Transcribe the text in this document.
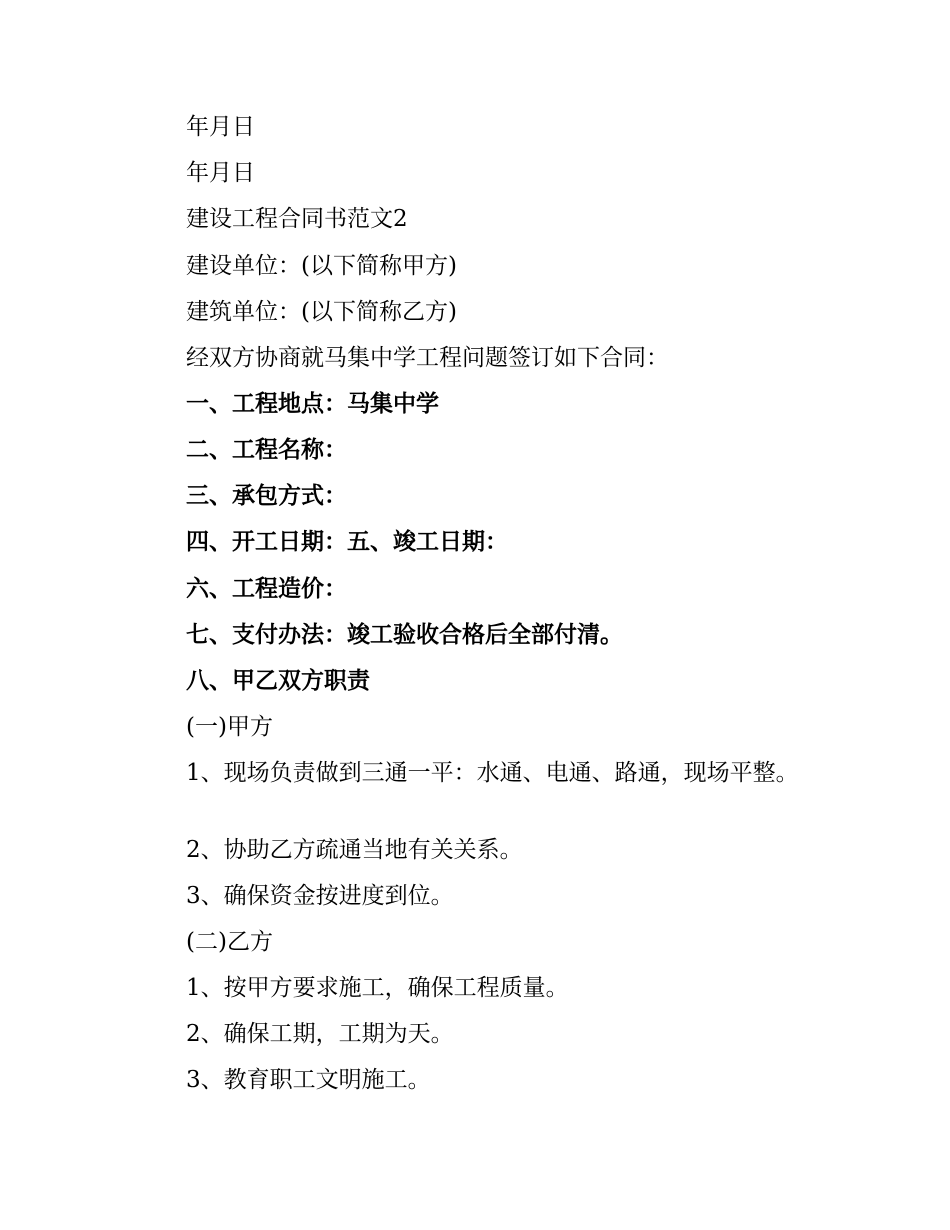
年月日

年月日

建设工程合同书范文2

建设单位：(以下简称甲方)

建筑单位：(以下简称乙方)

经双方协商就马集中学工程问题签订如下合同：

一、工程地点：马集中学

二、工程名称：

三、承包方式：

四、开工日期：五、竣工日期：

六、工程造价：

七、支付办法：竣工验收合格后全部付清。

八、甲乙双方职责

(一)甲方

1、现场负责做到三通一平：水通、电通、路通，现场平整。

2、协助乙方疏通当地有关关系。

3、确保资金按进度到位。

(二)乙方

1、按甲方要求施工，确保工程质量。

2、确保工期，工期为天。

3、教育职工文明施工。
